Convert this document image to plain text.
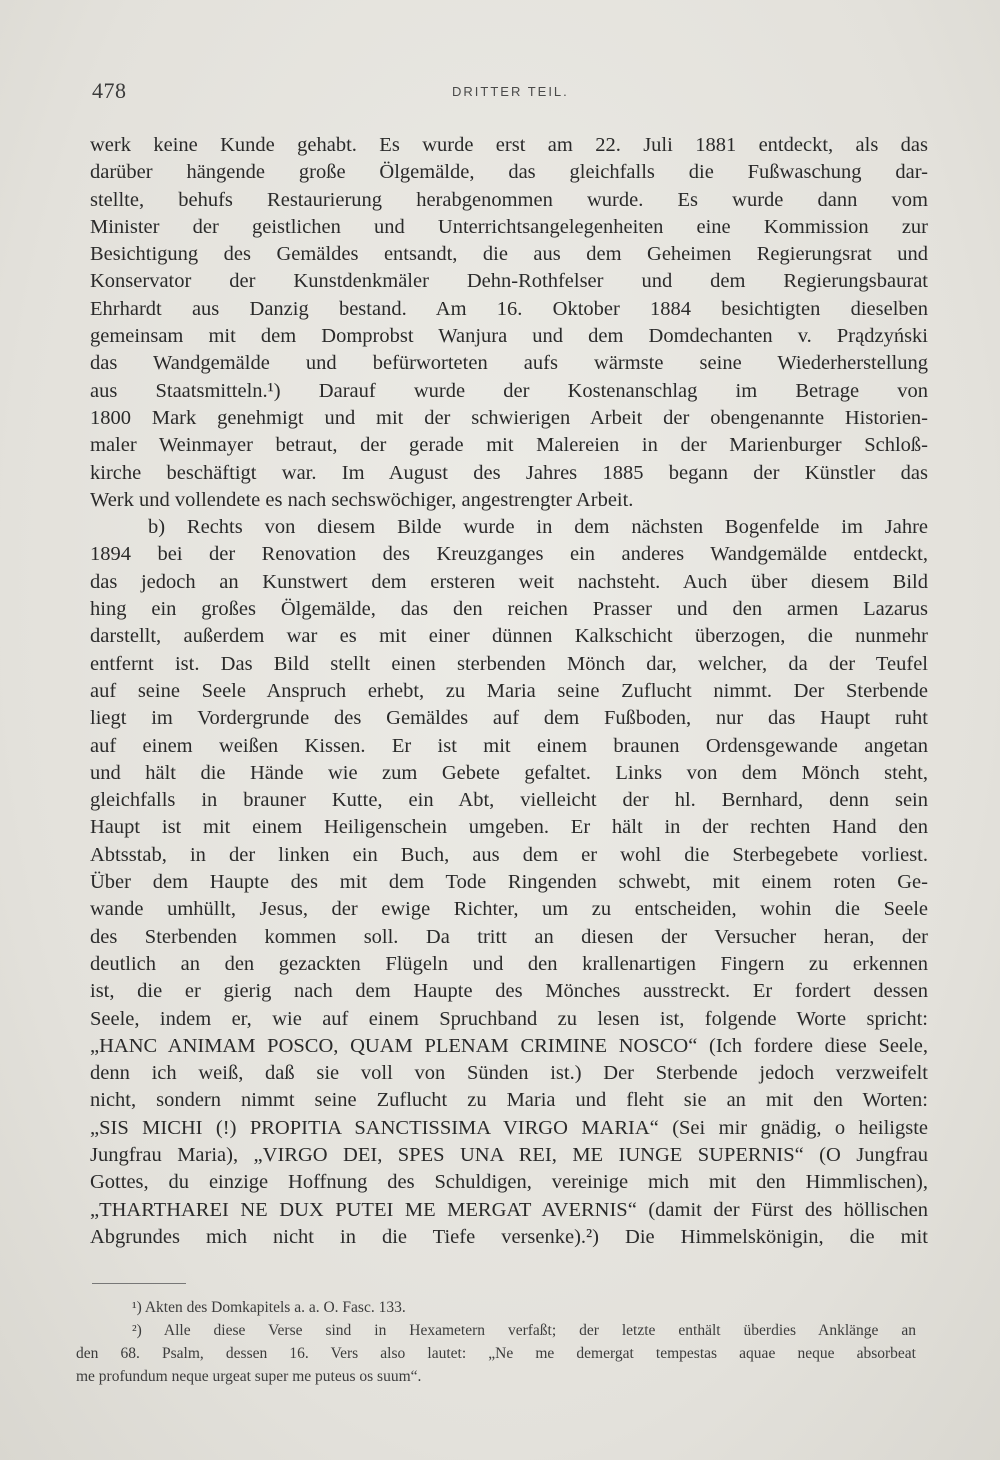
478	DRITTER TEIL.
werk keine Kunde gehabt. Es wurde erst am 22. Juli 1881 entdeckt, als das
darüber hängende große Ölgemälde, das gleichfalls die Fußwaschung dar-
stellte, behufs Restaurierung herabgenommen wurde. Es wurde dann vom
Minister der geistlichen und Unterrichtsangelegenheiten eine Kommission zur
Besichtigung des Gemäldes entsandt, die aus dem Geheimen Regierungsrat und
Konservator der Kunstdenkmäler Dehn-Rothfelser und dem Regierungsbaurat
Ehrhardt aus Danzig bestand. Am 16. Oktober 1884 besichtigten dieselben
gemeinsam mit dem Domprobst Wanjura und dem Domdechanten v. Prądzyński
das Wandgemälde und befürworteten aufs wärmste seine Wiederherstellung
aus Staatsmitteln.¹) Darauf wurde der Kostenanschlag im Betrage von
1800 Mark genehmigt und mit der schwierigen Arbeit der obengenannte Historien-
maler Weinmayer betraut, der gerade mit Malereien in der Marienburger Schloß-
kirche beschäftigt war. Im August des Jahres 1885 begann der Künstler das
Werk und vollendete es nach sechswöchiger, angestrengter Arbeit.
b) Rechts von diesem Bilde wurde in dem nächsten Bogenfelde im Jahre
1894 bei der Renovation des Kreuzganges ein anderes Wandgemälde entdeckt,
das jedoch an Kunstwert dem ersteren weit nachsteht. Auch über diesem Bild
hing ein großes Ölgemälde, das den reichen Prasser und den armen Lazarus
darstellt, außerdem war es mit einer dünnen Kalkschicht überzogen, die nunmehr
entfernt ist. Das Bild stellt einen sterbenden Mönch dar, welcher, da der Teufel
auf seine Seele Anspruch erhebt, zu Maria seine Zuflucht nimmt. Der Sterbende
liegt im Vordergrunde des Gemäldes auf dem Fußboden, nur das Haupt ruht
auf einem weißen Kissen. Er ist mit einem braunen Ordensgewande angetan
und hält die Hände wie zum Gebete gefaltet. Links von dem Mönch steht,
gleichfalls in brauner Kutte, ein Abt, vielleicht der hl. Bernhard, denn sein
Haupt ist mit einem Heiligenschein umgeben. Er hält in der rechten Hand den
Abtsstab, in der linken ein Buch, aus dem er wohl die Sterbegebete vorliest.
Über dem Haupte des mit dem Tode Ringenden schwebt, mit einem roten Ge-
wande umhüllt, Jesus, der ewige Richter, um zu entscheiden, wohin die Seele
des Sterbenden kommen soll. Da tritt an diesen der Versucher heran, der
deutlich an den gezackten Flügeln und den krallenartigen Fingern zu erkennen
ist, die er gierig nach dem Haupte des Mönches ausstreckt. Er fordert dessen
Seele, indem er, wie auf einem Spruchband zu lesen ist, folgende Worte spricht:
„HANC ANIMAM POSCO, QUAM PLENAM CRIMINE NOSCO“ (Ich fordere diese Seele,
denn ich weiß, daß sie voll von Sünden ist.) Der Sterbende jedoch verzweifelt
nicht, sondern nimmt seine Zuflucht zu Maria und fleht sie an mit den Worten:
„SIS MICHI (!) PROPITIA SANCTISSIMA VIRGO MARIA“ (Sei mir gnädig, o heiligste
Jungfrau Maria), „VIRGO DEI, SPES UNA REI, ME IUNGE SUPERNIS“ (O Jungfrau
Gottes, du einzige Hoffnung des Schuldigen, vereinige mich mit den Himmlischen),
„THARTHAREI NE DUX PUTEI ME MERGAT AVERNIS“ (damit der Fürst des höllischen
Abgrundes mich nicht in die Tiefe versenke).²) Die Himmelskönigin, die mit
¹) Akten des Domkapitels a. a. O. Fasc. 133.
²) Alle diese Verse sind in Hexametern verfaßt; der letzte enthält überdies Anklänge an
den 68. Psalm, dessen 16. Vers also lautet: „Ne me demergat tempestas aquae neque absorbeat
me profundum neque urgeat super me puteus os suum“.
